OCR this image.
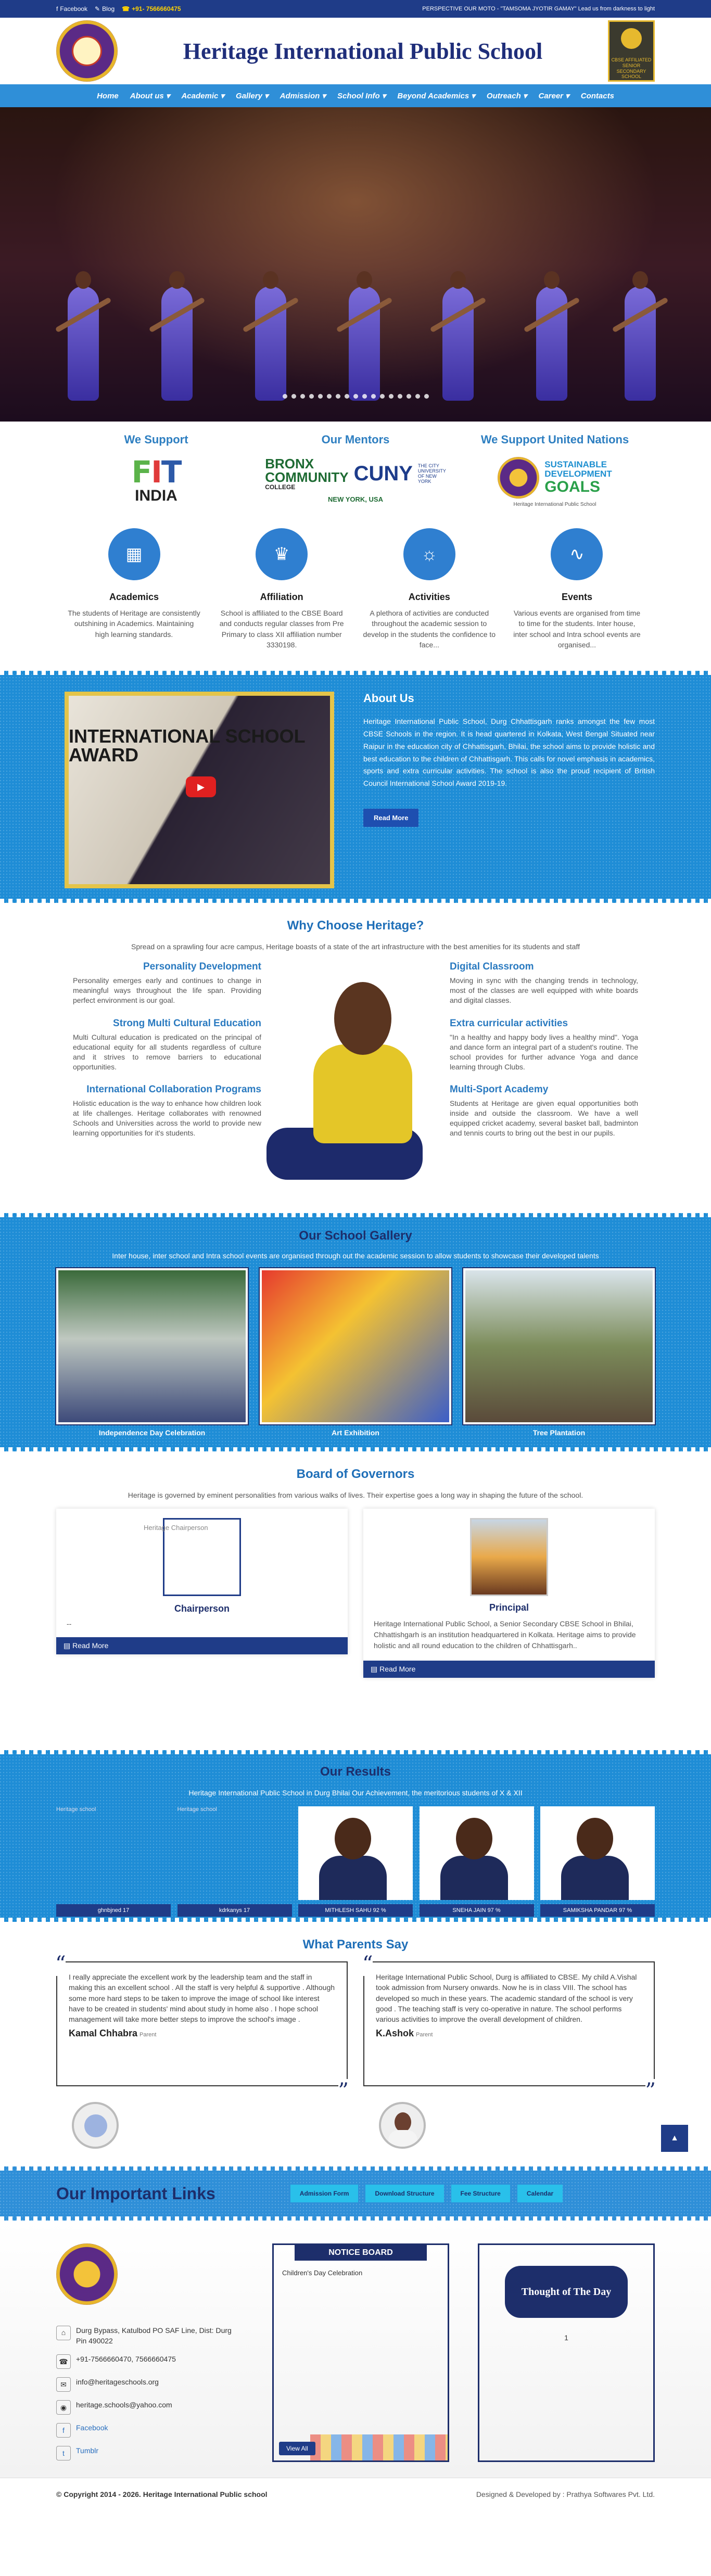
f Facebook ✎ Blog ☎ +91- 7566660475	PERSPECTIVE OUR MOTO - "TAMSOMA JYOTIR GAMAY" Lead us from darkness to light
Heritage International Public School	CBSE AFFILIATED SENIOR SECONDARY SCHOOL
Home About us ▾ Academic ▾ Gallery ▾ Admission ▾ School Info ▾ Beyond Academics ▾ Outreach ▾ Career ▾ Contacts
We Support
FIT
INDIA
Our Mentors
BRONX COMMUNITY
COLLEGE
CUNY THE CITY UNIVERSITY OF NEW YORK
NEW YORK, USA
We Support United Nations
SUSTAINABLE
DEVELOPMENT
GOALS
Heritage International Public School
▦
Academics

The students of Heritage are consistently outshining in Academics. Maintaining high learning standards.

♛
Affiliation

School is affiliated to the CBSE Board and conducts regular classes from Pre Primary to class XII affiliation number 3330198.

☼
Activities

A plethora of activities are conducted throughout the academic session to develop in the students the confidence to face...

∿
Events

Various events are organised from time to time for the students. Inter house, inter school and Intra school events are organised...

INTERNATIONAL SCHOOL AWARD
▶
About Us

Heritage International Public School, Durg Chhattisgarh ranks amongst the few most CBSE Schools in the region. It is head quartered in Kolkata, West Bengal Situated near Raipur in the education city of Chhattisgarh, Bhilai, the school aims to provide holistic and best education to the children of Chhattisgarh. This calls for novel emphasis in academics, sports and extra curricular activities. The school is also the proud recipient of British Council International School Award 2019-19.

Read More
Why Choose Heritage?
Spread on a sprawling four acre campus, Heritage boasts of a state of the art infrastructure with the best amenities for its students and staff
Personality Development

Personality emerges early and continues to change in meaningful ways throughout the life span. Providing perfect environment is our goal.

Strong Multi Cultural Education

Multi Cultural education is predicated on the principal of educational equity for all students regardless of culture and it strives to remove barriers to educational opportunities.

International Collaboration Programs

Holistic education is the way to enhance how children look at life challenges. Heritage collaborates with renowned Schools and Universities across the world to provide new learning opportunities for it's students.

Digital Classroom

Moving in sync with the changing trends in technology, most of the classes are well equipped with white boards and digital classes.

Extra curricular activities

"In a healthy and happy body lives a healthy mind". Yoga and dance form an integral part of a student's routine. The school provides for further advance Yoga and dance learning through Clubs.

Multi-Sport Academy

Students at Heritage are given equal opportunities both inside and outside the classroom. We have a well equipped cricket academy, several basket ball, badminton and tennis courts to bring out the best in our pupils.

Our School Gallery
Inter house, inter school and Intra school events are organised through out the academic session to allow students to showcase their developed talents
Independence Day Celebration	Art Exhibition	Tree Plantation
Board of Governors
Heritage is governed by eminent personalities from various walks of lives. Their expertise goes a long way in shaping the future of the school.
Heritage Chairperson
Chairperson
--
▤ Read More
Principal

Heritage International Public School, a Senior Secondary CBSE School in Bhilai, Chhattishgarh is an institution headquartered in Kolkata. Heritage aims to provide holistic and all round education to the children of Chhattisgarh..

▤ Read More
Our Results
Heritage International Public School in Durg Bhilai Our Achievement, the meritorious students of X & XII
Heritage school
ghnbjned 17
Heritage school
kdrkanys 17	MITHLESH SAHU 92 %	SNEHA JAIN 97 %	SAMIKSHA PANDAR 97 %
What Parents Say

“ I really appreciate the excellent work by the leadership team and the staff in making this an excellent school . All the staff is very helpful & supportive . Although some more hard steps to be taken to improve the image of school like interest have to be created in students' mind about study in home also . I hope school management will take more better steps to improve the school's image .

Kamal Chhabra Parent
”

“ Heritage International Public School, Durg is affiliated to CBSE. My child A.Vishal took admission from Nursery onwards. Now he is in class VIII. The school has developed so much in these years. The academic standard of the school is very good . The teaching staff is very co-operative in nature. The school performs various activities to improve the overall development of children.

K.Ashok Parent
”
▲
Our Important Links	Admission Form	Download Structure	Fee Structure	Calendar
⌂	Durg Bypass, Katulbod PO SAF Line, Dist: Durg Pin 490022
☎	+91-7566660470, 7566660475
✉	info@heritageschools.org
◉	heritage.schools@yahoo.com
f	Facebook
t	Tumblr
NOTICE BOARD
Children's Day Celebration
View All
Thought of The Day
1
© Copyright 2014 - 2026. Heritage International Public school	Designed & Developed by : Prathya Softwares Pvt. Ltd.
